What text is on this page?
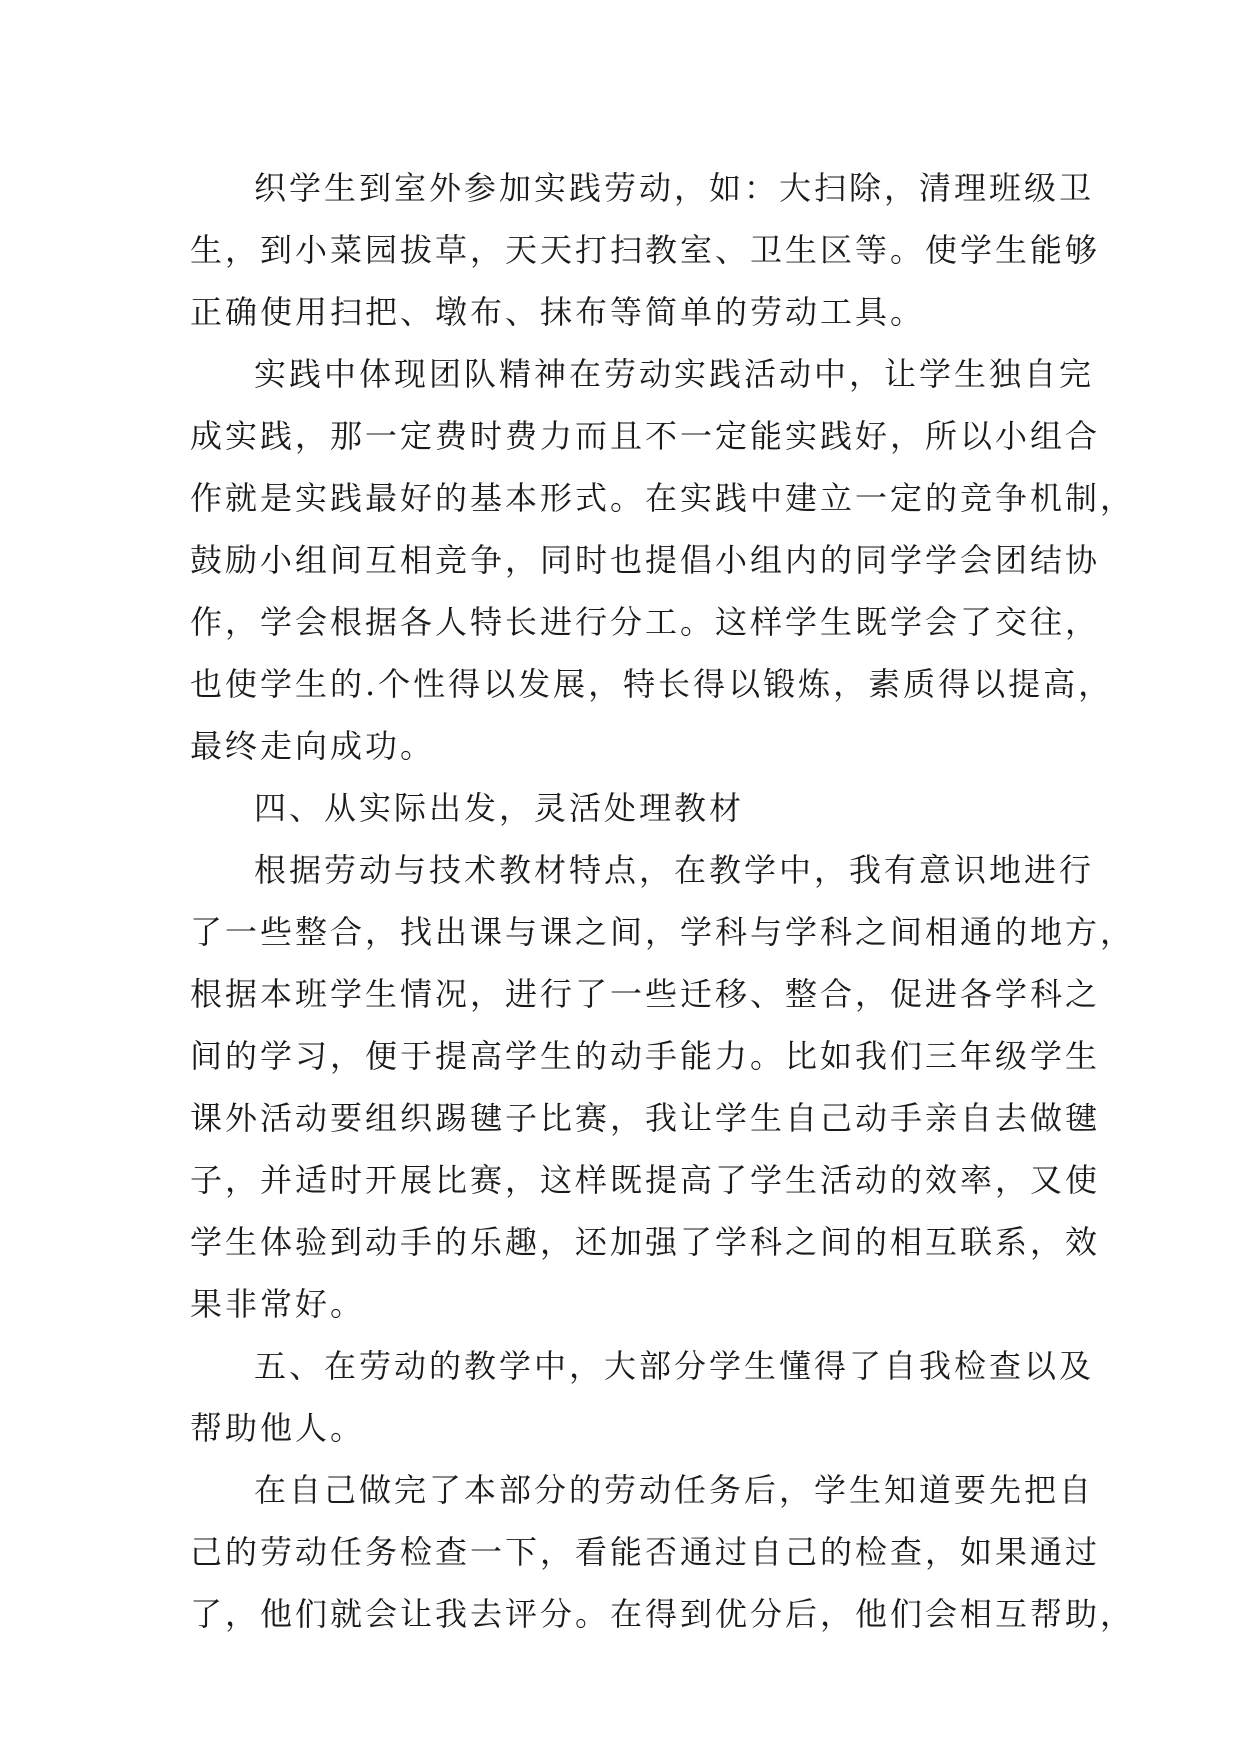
织学生到室外参加实践劳动，如：大扫除，清理班级卫
生，到小菜园拔草，天天打扫教室、卫生区等。使学生能够
正确使用扫把、墩布、抹布等简单的劳动工具。
实践中体现团队精神在劳动实践活动中，让学生独自完
成实践，那一定费时费力而且不一定能实践好，所以小组合
作就是实践最好的基本形式。在实践中建立一定的竞争机制，
鼓励小组间互相竞争，同时也提倡小组内的同学学会团结协
作，学会根据各人特长进行分工。这样学生既学会了交往，
也使学生的.个性得以发展，特长得以锻炼，素质得以提高，
最终走向成功。
四、从实际出发，灵活处理教材
根据劳动与技术教材特点，在教学中，我有意识地进行
了一些整合，找出课与课之间，学科与学科之间相通的地方，
根据本班学生情况，进行了一些迁移、整合，促进各学科之
间的学习，便于提高学生的动手能力。比如我们三年级学生
课外活动要组织踢毽子比赛，我让学生自己动手亲自去做毽
子，并适时开展比赛，这样既提高了学生活动的效率，又使
学生体验到动手的乐趣，还加强了学科之间的相互联系，效
果非常好。
五、在劳动的教学中，大部分学生懂得了自我检查以及
帮助他人。
在自己做完了本部分的劳动任务后，学生知道要先把自
己的劳动任务检查一下，看能否通过自己的检查，如果通过
了，他们就会让我去评分。在得到优分后，他们会相互帮助，
